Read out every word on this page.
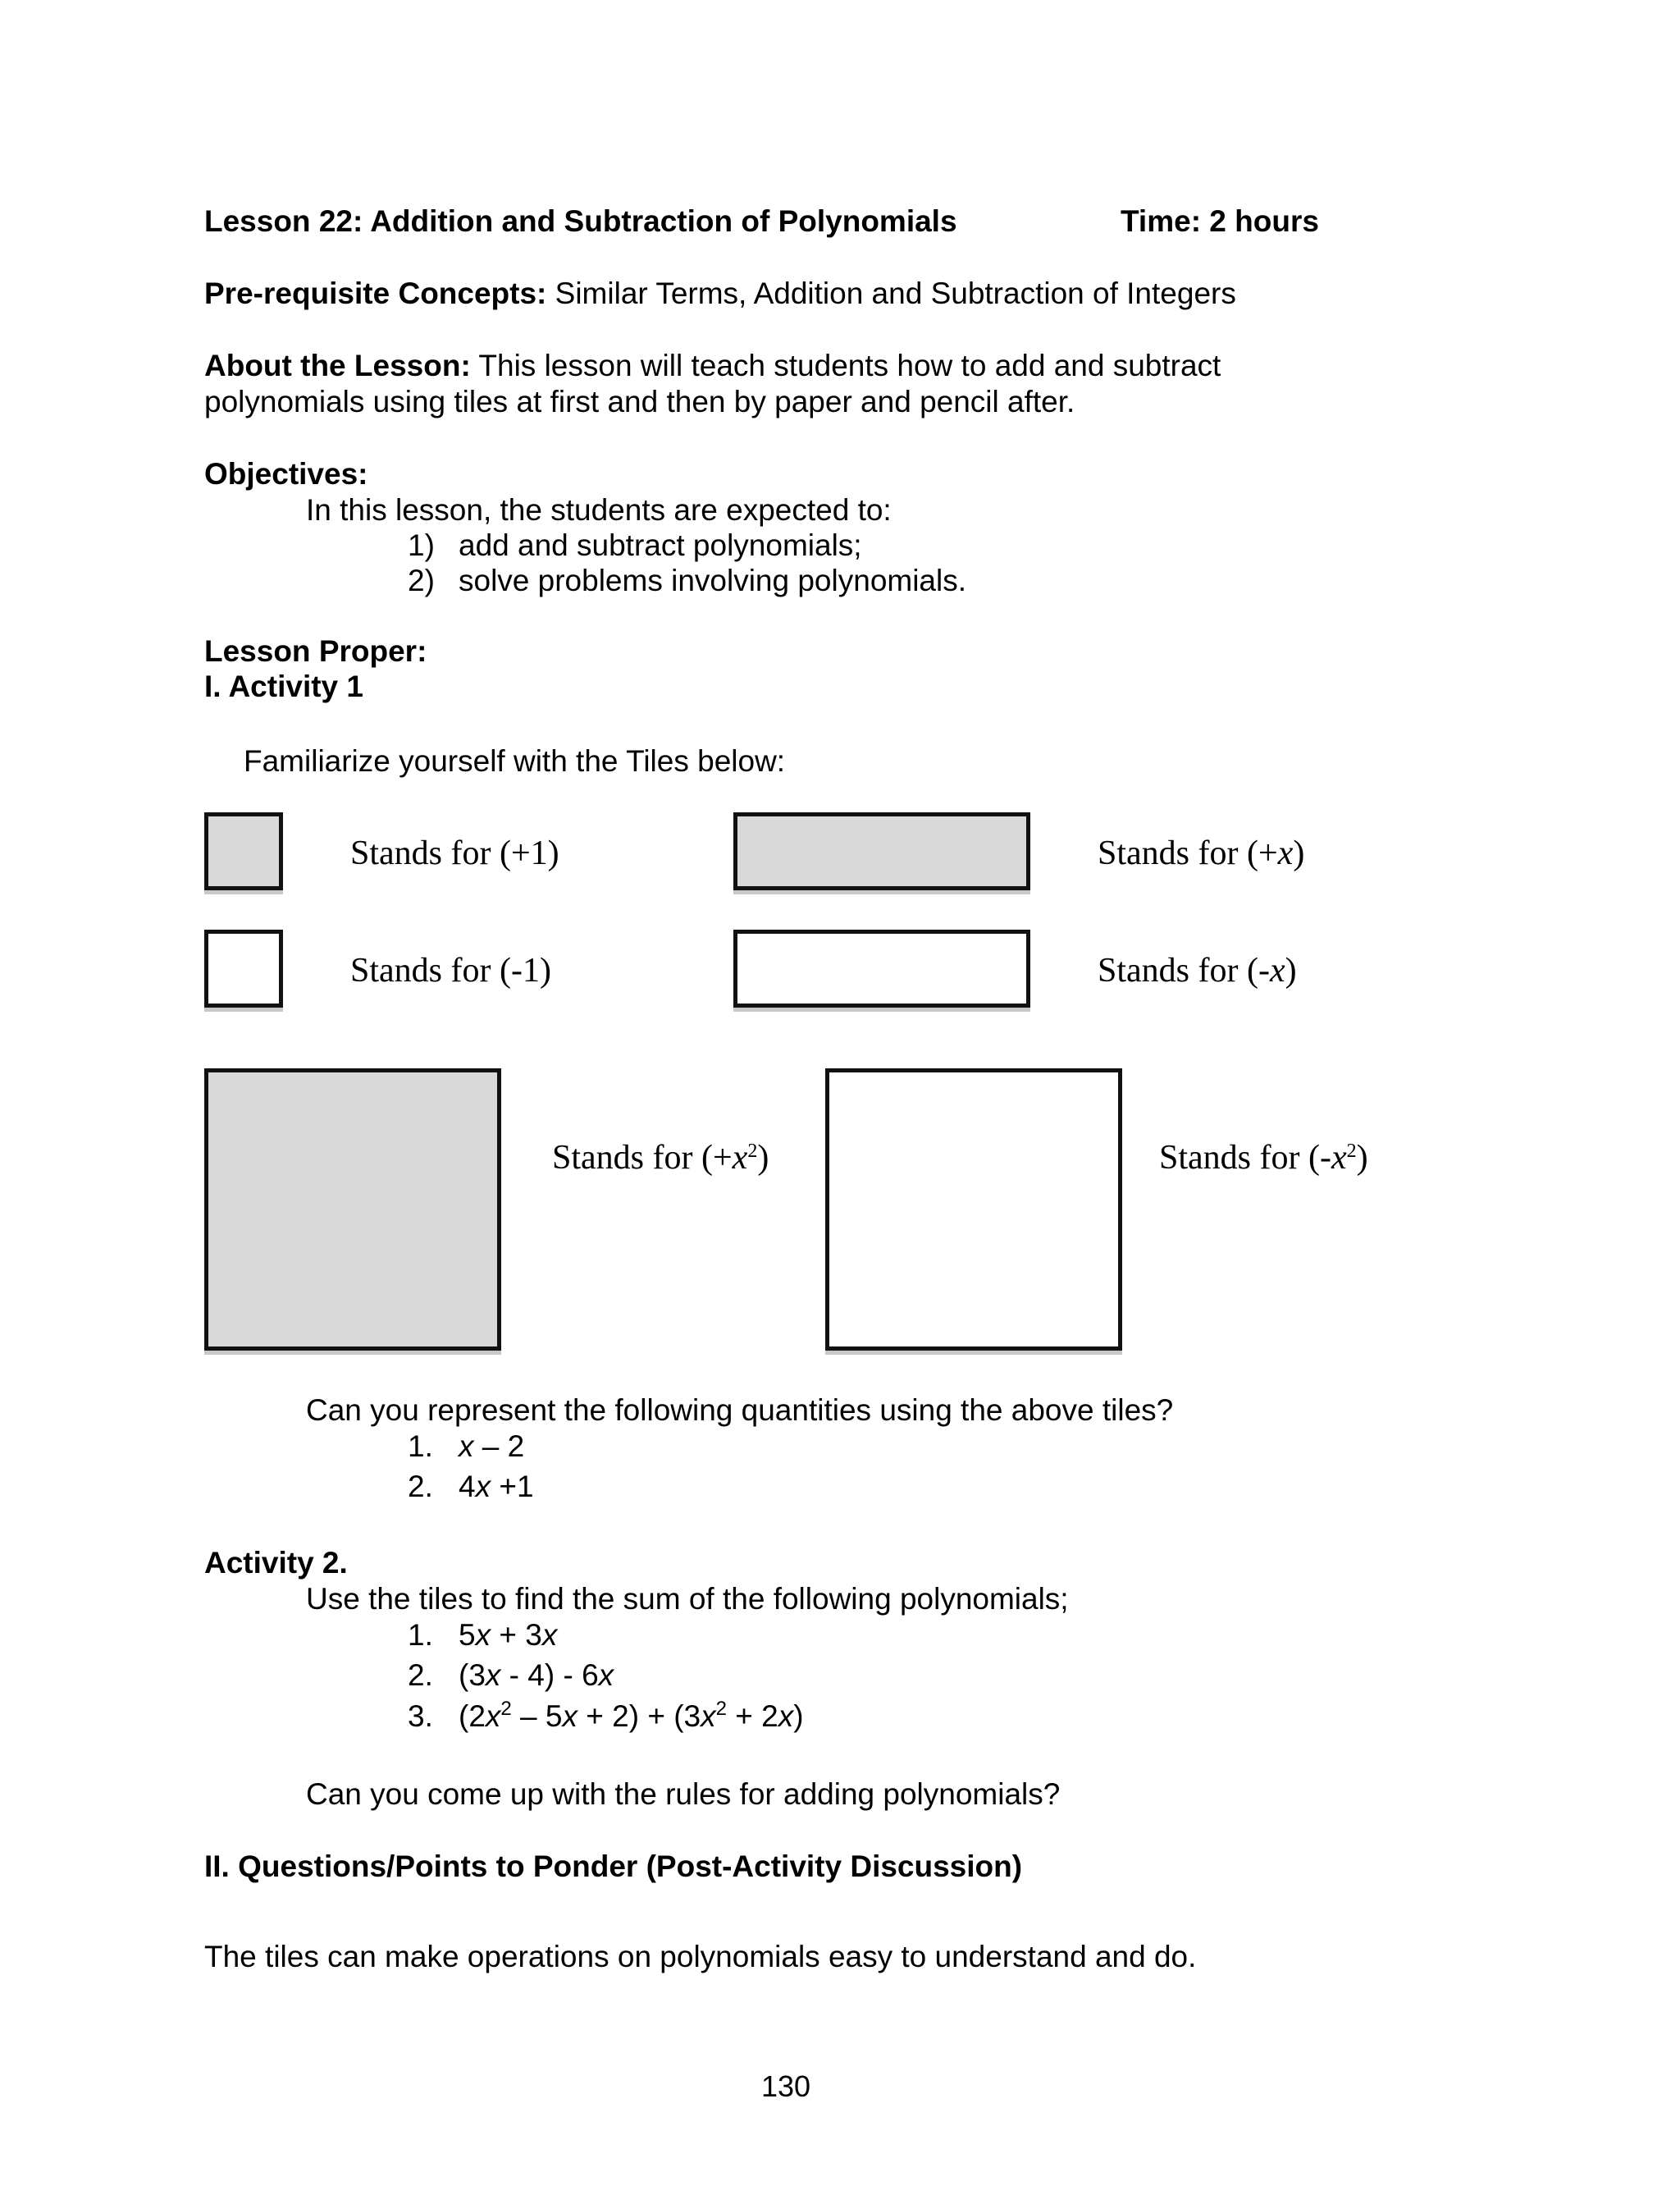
Lesson 22: Addition and Subtraction of Polynomials	Time: 2 hours
Pre-requisite Concepts: Similar Terms, Addition and Subtraction of Integers
About the Lesson: This lesson will teach students how to add and subtract
polynomials using tiles at first and then by paper and pencil after.
Objectives:
In this lesson, the students are expected to:
1) add and subtract polynomials;
2) solve problems involving polynomials.
Lesson Proper:
I. Activity 1
Familiarize yourself with the Tiles below:
Stands for (+1)	Stands for (+x)
Stands for (-1)	Stands for (-x)
Stands for $(+x^2)$	Stands for $(-x^2)$
Can you represent the following quantities using the above tiles?
1. x – 2
2. 4x +1
Activity 2.
Use the tiles to find the sum of the following polynomials;
1. 5x + 3x
2. (3x - 4) - 6x
3. $(2x^2 - 5x + 2) + (3x^2 + 2x)$
Can you come up with the rules for adding polynomials?
II. Questions/Points to Ponder (Post-Activity Discussion)
The tiles can make operations on polynomials easy to understand and do.
130
